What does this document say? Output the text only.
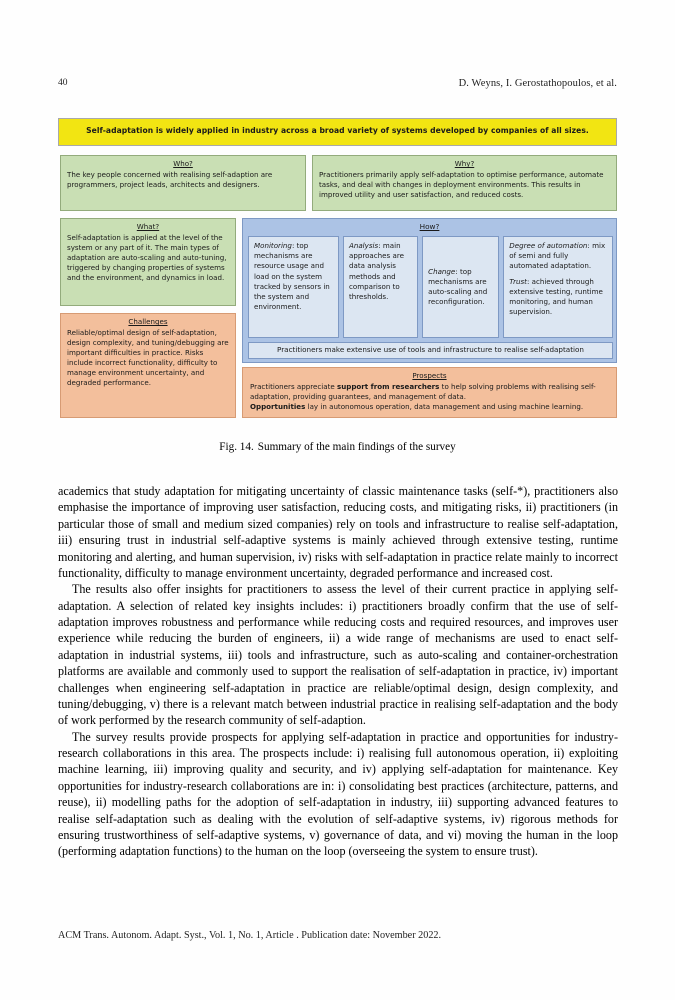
40	D. Weyns, I. Gerostathopoulos, et al.
Self-adaptation is widely applied in industry across a broad variety of systems developed by companies of all sizes.
Who?
The key people concerned with realising self-adaption are programmers, project leads, architects and designers.
Why?
Practitioners primarily apply self-adaptation to optimise performance, automate tasks, and deal with changes in deployment environments. This results in improved utility and user satisfaction, and reduced costs.
What?
Self-adaptation is applied at the level of the system or any part of it. The main types of adaptation are auto-scaling and auto-tuning, triggered by changing properties of systems and the environment, and dynamics in load.
Challenges
Reliable/optimal design of self-adaptation, design complexity, and tuning/debugging are important difficulties in practice. Risks include incorrect functionality, difficulty to manage environment uncertainty, and degraded performance.
How?

Monitoring: top mechanisms are resource usage and load on the system tracked by sensors in the system and environment.

Analysis: main approaches are data analysis methods and comparison to thresholds.

Change: top mechanisms are auto-scaling and reconfiguration.

Degree of automation: mix of semi and fully automated adaptation.

Trust: achieved through extensive testing, runtime monitoring, and human supervision.

Practitioners make extensive use of tools and infrastructure to realise self-adaptation
Prospects

Practitioners appreciate support from researchers to help solving problems with realising self-adaptation, providing guarantees, and management of data.

Opportunities lay in autonomous operation, data management and using machine learning.

Fig. 14. Summary of the main findings of the survey

academics that study adaptation for mitigating uncertainty of classic maintenance tasks (self-*), practitioners also emphasise the importance of improving user satisfaction, reducing costs, and mitigating risks, ii) practitioners (in particular those of small and medium sized companies) rely on tools and infrastructure to realise self-adaptation, iii) ensuring trust in industrial self-adaptive systems is mainly achieved through extensive testing, runtime monitoring and alerting, and human supervision, iv) risks with self-adaptation in practice relate mainly to incorrect functionality, difficulty to manage environment uncertainty, degraded performance and increased cost.

The results also offer insights for practitioners to assess the level of their current practice in applying self-adaptation. A selection of related key insights includes: i) practitioners broadly confirm that the use of self-adaptation improves robustness and performance while reducing costs and required resources, and improves user experience while reducing the burden of engineers, ii) a wide range of mechanisms are used to enact self-adaptation in industrial systems, iii) tools and infrastructure, such as auto-scaling and container-orchestration platforms are available and commonly used to support the realisation of self-adaptation in practice, iv) important challenges when engineering self-adaptation in practice are reliable/optimal design, design complexity, and tuning/debugging, v) there is a relevant match between industrial practice in realising self-adaptation and the body of work performed by the research community of self-adaption.

The survey results provide prospects for applying self-adaptation in practice and opportunities for industry-research collaborations in this area. The prospects include: i) realising full autonomous operation, ii) exploiting machine learning, iii) improving quality and security, and iv) applying self-adaptation for maintenance. Key opportunities for industry-research collaborations are in: i) consolidating best practices (architecture, patterns, and reuse), ii) modelling paths for the adoption of self-adaptation in industry, iii) supporting advanced features to realise self-adaptation such as dealing with the evolution of self-adaptive systems, iv) rigorous methods for ensuring trustworthiness of self-adaptive systems, v) governance of data, and vi) moving the human in the loop (performing adaptation functions) to the human on the loop (overseeing the system to ensure trust).

ACM Trans. Autonom. Adapt. Syst., Vol. 1, No. 1, Article . Publication date: November 2022.
